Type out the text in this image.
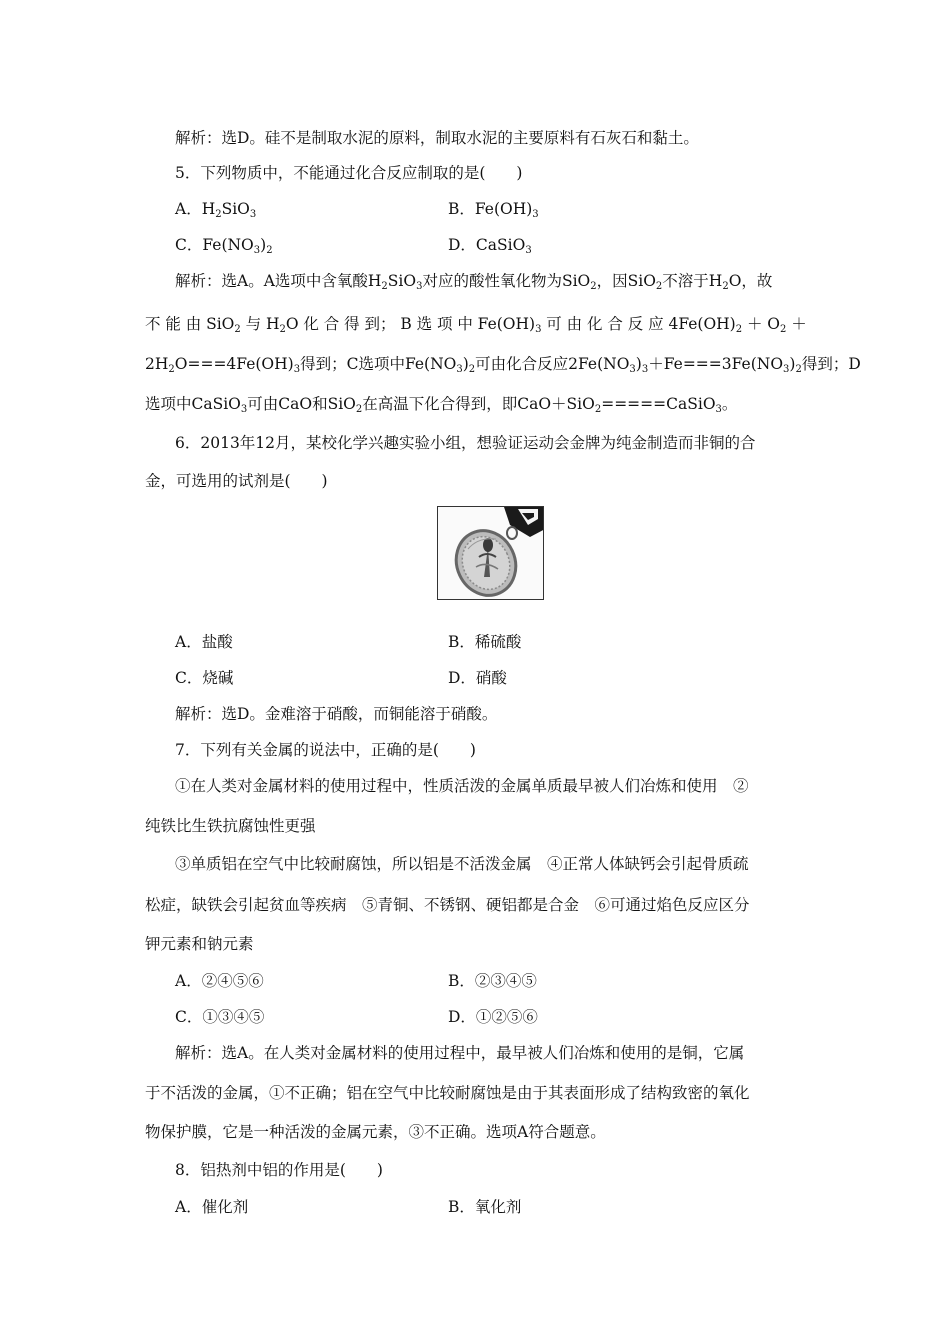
解析：选D。硅不是制取水泥的原料，制取水泥的主要原料有石灰石和黏土。
5．下列物质中，不能通过化合反应制取的是(　　)
A．$H_2SiO_3$	B．$Fe(OH)_3$
C．$Fe(NO_3)_2$	D．CaSiO$_3$
解析：选A。A选项中含氧酸$H_2SiO_3$对应的酸性氧化物为SiO$_2$，因SiO$_2$不溶于$H_2O$，故
不 能 由 SiO$_2$ 与 $H_2O$ 化 合 得 到； B 选 项 中 $Fe(OH)_3$ 可 由 化 合 反 应 $4Fe(OH)_2 + O_2$ ＋
$2H_2O===4Fe(OH)_3$得到；C选项中$Fe(NO_3)_2$可由化合反应$2Fe(NO_3)_3+Fe===3Fe(NO_3)_2$得到；D
选项中CaSiO$_3$可由CaO和SiO$_2$在高温下化合得到，即CaO＋SiO$_2$=====CaSiO$_3$。
6．2013年12月，某校化学兴趣实验小组，想验证运动会金牌为纯金制造而非铜的合
金，可选用的试剂是(　　)
A．盐酸	B．稀硫酸
C．烧碱	D．硝酸
解析：选D。金难溶于硝酸，而铜能溶于硝酸。
7．下列有关金属的说法中，正确的是(　　)
①在人类对金属材料的使用过程中，性质活泼的金属单质最早被人们冶炼和使用　②
纯铁比生铁抗腐蚀性更强
③单质铝在空气中比较耐腐蚀，所以铝是不活泼金属　④正常人体缺钙会引起骨质疏
松症，缺铁会引起贫血等疾病　⑤青铜、不锈钢、硬铝都是合金　⑥可通过焰色反应区分
钾元素和钠元素
A．②④⑤⑥	B．②③④⑤
C．①③④⑤	D．①②⑤⑥
解析：选A。在人类对金属材料的使用过程中，最早被人们冶炼和使用的是铜，它属
于不活泼的金属，①不正确；铝在空气中比较耐腐蚀是由于其表面形成了结构致密的氧化
物保护膜，它是一种活泼的金属元素，③不正确。选项A符合题意。
8．铝热剂中铝的作用是(　　)
A．催化剂	B．氧化剂
